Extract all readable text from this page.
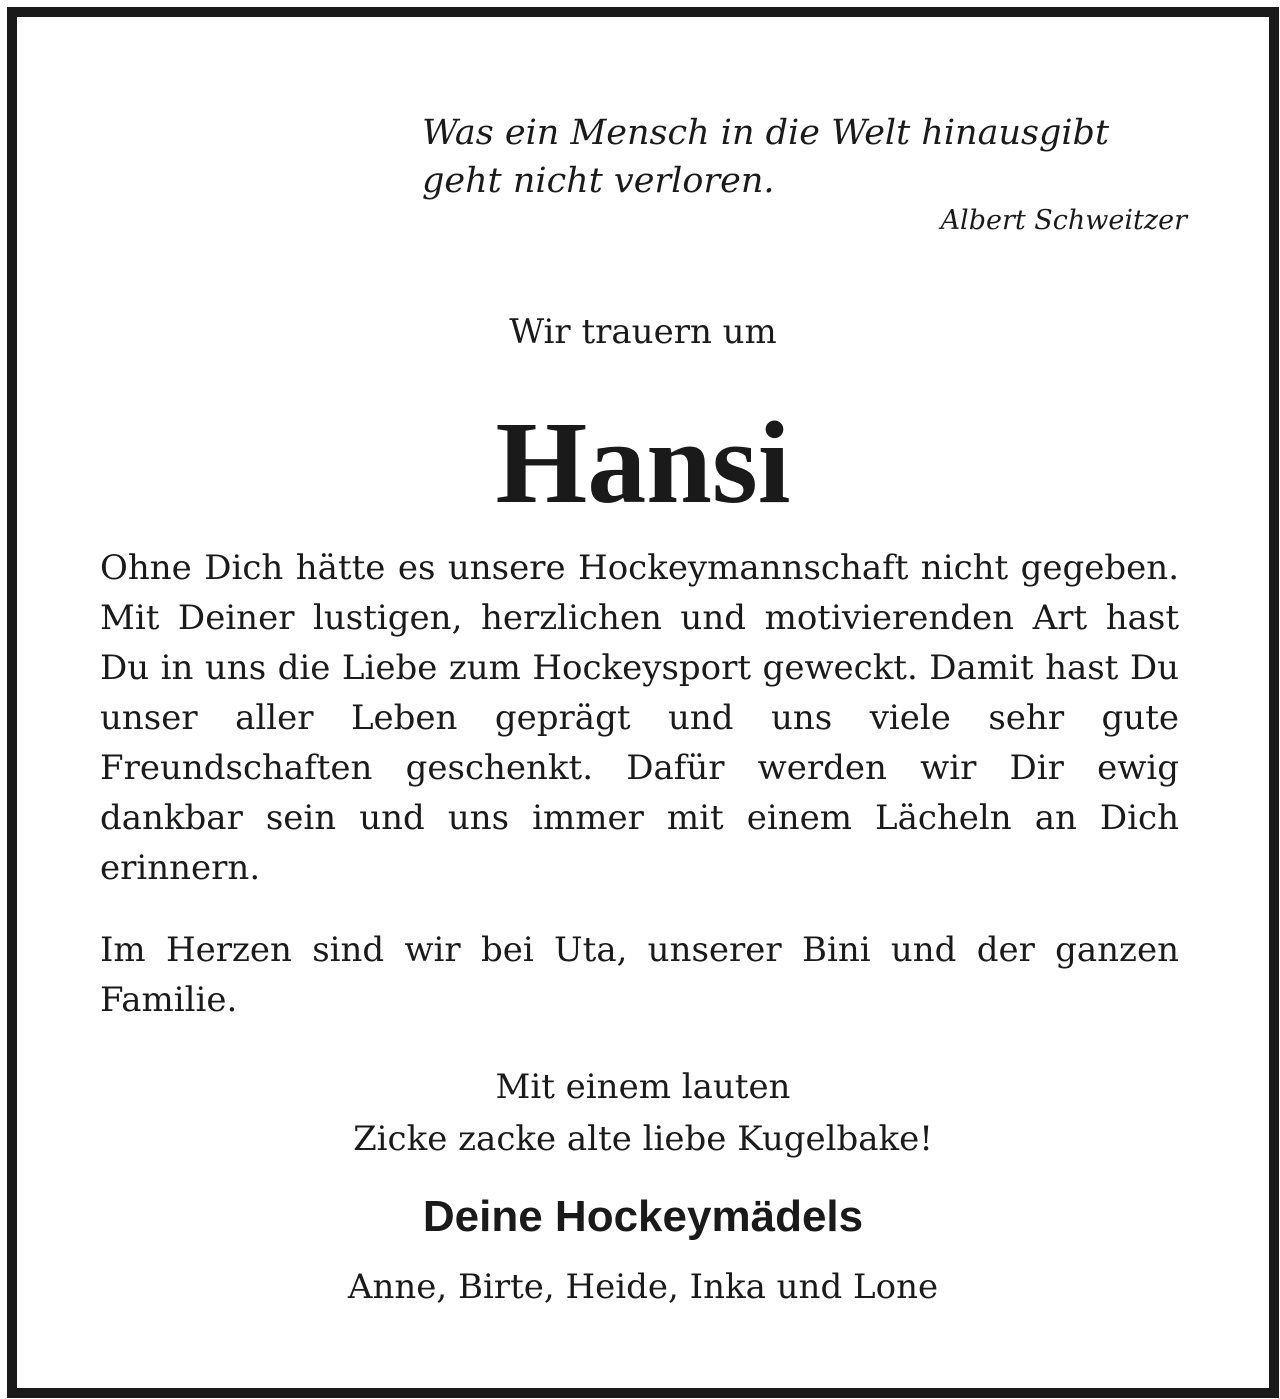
Was ein Mensch in die Welt hinausgibt
geht nicht verloren.

Albert Schweitzer

Wir trauern um

Hansi

Ohne Dich hätte es unsere Hockeymannschaft nicht gegeben. Mit Deiner lustigen, herzlichen und motivierenden Art hast Du in uns die Liebe zum Hockeysport geweckt. Damit hast Du unser aller Leben geprägt und uns viele sehr gute Freundschaften geschenkt. Dafür werden wir Dir ewig dankbar sein und uns immer mit einem Lächeln an Dich erinnern.

Im Herzen sind wir bei Uta, unserer Bini und der ganzen Familie.

Mit einem lauten
Zicke zacke alte liebe Kugelbake!

Deine Hockeymädels

Anne, Birte, Heide, Inka und Lone
